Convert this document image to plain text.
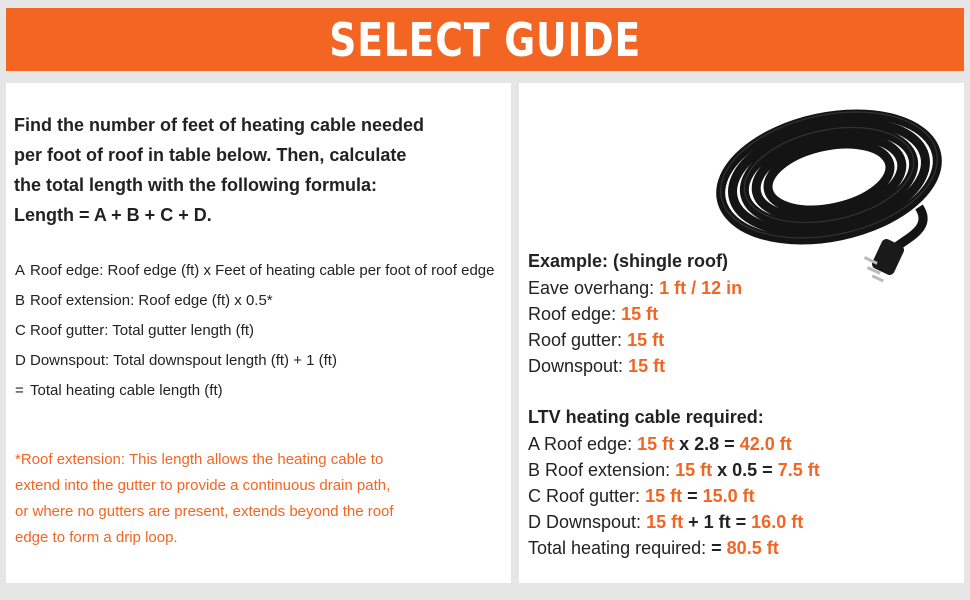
SELECT GUIDE
Find the number of feet of heating cable needed
per foot of roof in table below. Then, calculate
the total length with the following formula:
Length = A + B + C + D.
A Roof edge: Roof edge (ft) x Feet of heating cable per foot of roof edge
B Roof extension: Roof edge (ft) x 0.5*
C Roof gutter: Total gutter length (ft)
D Downspout: Total downspout length (ft) + 1 (ft)
= Total heating cable length (ft)
*Roof extension: This length allows the heating cable to
extend into the gutter to provide a continuous drain path,
or where no gutters are present, extends beyond the roof
edge to form a drip loop.
Example: (shingle roof)
Eave overhang: 1 ft / 12 in
Roof edge: 15 ft
Roof gutter: 15 ft
Downspout: 15 ft
LTV heating cable required:
A Roof edge: 15 ft x 2.8 = 42.0 ft
B Roof extension: 15 ft x 0.5 = 7.5 ft
C Roof gutter: 15 ft = 15.0 ft
D Downspout: 15 ft + 1 ft = 16.0 ft
Total heating required: = 80.5 ft
